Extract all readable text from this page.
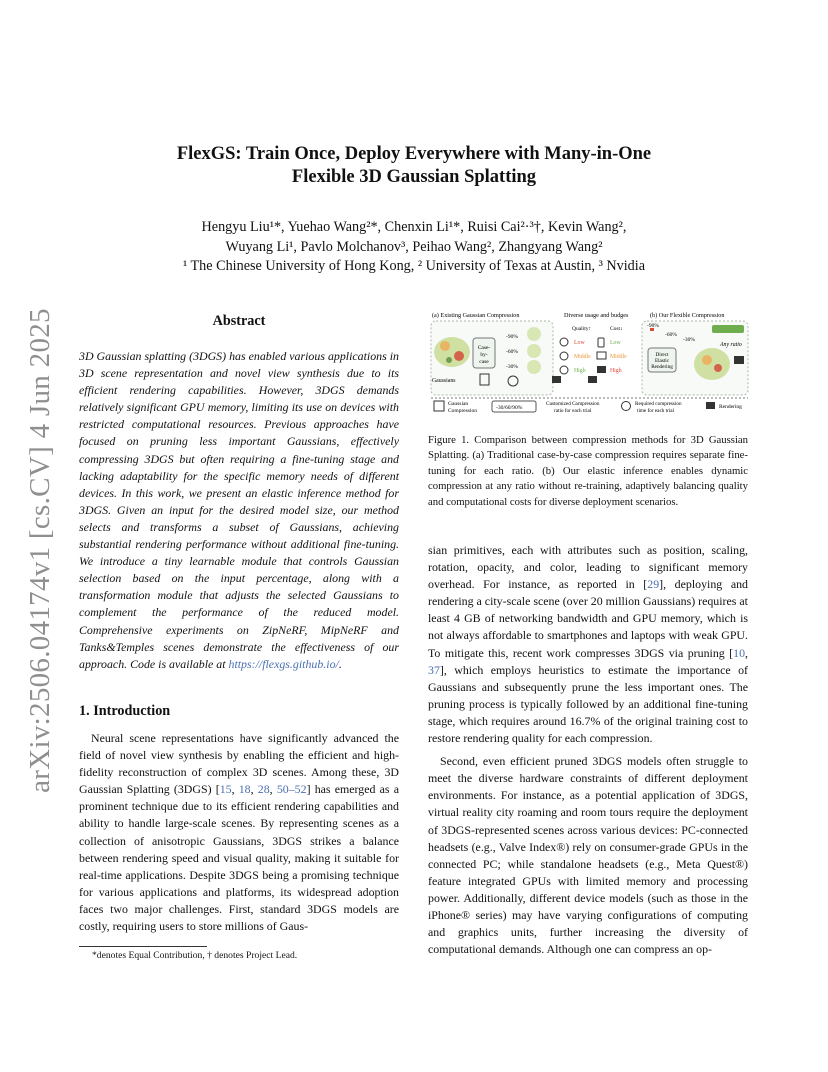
arXiv:2506.04174v1 [cs.CV] 4 Jun 2025
FlexGS: Train Once, Deploy Everywhere with Many-in-One
Flexible 3D Gaussian Splatting
Hengyu Liu¹*, Yuehao Wang²*, Chenxin Li¹*, Ruisi Cai²·³†, Kevin Wang²,
Wuyang Li¹, Pavlo Molchanov³, Peihao Wang², Zhangyang Wang²
¹ The Chinese University of Hong Kong, ² University of Texas at Austin, ³ Nvidia
Abstract

3D Gaussian splatting (3DGS) has enabled various applications in 3D scene representation and novel view synthesis due to its efficient rendering capabilities. However, 3DGS demands relatively significant GPU memory, limiting its use on devices with restricted computational resources. Previous approaches have focused on pruning less important Gaussians, effectively compressing 3DGS but often requiring a fine-tuning stage and lacking adaptability for the specific memory needs of different devices. In this work, we present an elastic inference method for 3DGS. Given an input for the desired model size, our method selects and transforms a subset of Gaussians, achieving substantial rendering performance without additional fine-tuning. We introduce a tiny learnable module that controls Gaussian selection based on the input percentage, along with a transformation module that adjusts the selected Gaussians to complement the performance of the reduced model. Comprehensive experiments on ZipNeRF, MipNeRF and Tanks&Temples scenes demonstrate the effectiveness of our approach. Code is available at https://flexgs.github.io/.

1. Introduction

Neural scene representations have significantly advanced the field of novel view synthesis by enabling the efficient and high-fidelity reconstruction of complex 3D scenes. Among these, 3D Gaussian Splatting (3DGS) [15, 18, 28, 50–52] has emerged as a prominent technique due to its efficient rendering capabilities and ability to handle large-scale scenes. By representing scenes as a collection of anisotropic Gaussians, 3DGS strikes a balance between rendering speed and visual quality, making it suitable for real-time applications. Despite 3DGS being a promising technique for various applications and platforms, its widespread adoption faces two major challenges. First, standard 3DGS models are costly, requiring users to store millions of Gaus-

*denotes Equal Contribution, † denotes Project Lead.
(a) Existing Gaussian Compression	Diverse usage and budges	(b) Our Flexible Compression
Gaussians
Case-by-case
-90%
-60%
-30%
Quality↑	Cost↓
Low
Middle
High
Low
Middle
High
-90%
-60%
-30%
Any ratio
Direct Elastic Rendering
Gaussian Compression	-30/60/90%
Customized Compression ratio for each trial
Required compression time for each trial
Rendering
Figure 1. Comparison between compression methods for 3D Gaussian Splatting. (a) Traditional case-by-case compression requires separate fine-tuning for each ratio. (b) Our elastic inference enables dynamic compression at any ratio without re-training, adaptively balancing quality and computational costs for diverse deployment scenarios.

sian primitives, each with attributes such as position, scaling, rotation, opacity, and color, leading to significant memory overhead. For instance, as reported in [29], deploying and rendering a city-scale scene (over 20 million Gaussians) requires at least 4 GB of networking bandwidth and GPU memory, which is not always affordable to smartphones and laptops with weak GPU. To mitigate this, recent work compresses 3DGS via pruning [10, 37], which employs heuristics to estimate the importance of Gaussians and subsequently prune the less important ones. The pruning process is typically followed by an additional fine-tuning stage, which requires around 16.7% of the original training cost to restore rendering quality for each compression.

Second, even efficient pruned 3DGS models often struggle to meet the diverse hardware constraints of different deployment environments. For instance, as a potential application of 3DGS, virtual reality city roaming and room tours require the deployment of 3DGS-represented scenes across various devices: PC-connected headsets (e.g., Valve Index®) rely on consumer-grade GPUs in the connected PC; while standalone headsets (e.g., Meta Quest®) feature integrated GPUs with limited memory and processing power. Additionally, different device models (such as those in the iPhone® series) may have varying configurations of computing and graphics units, further increasing the diversity of computational demands. Although one can compress an op-
